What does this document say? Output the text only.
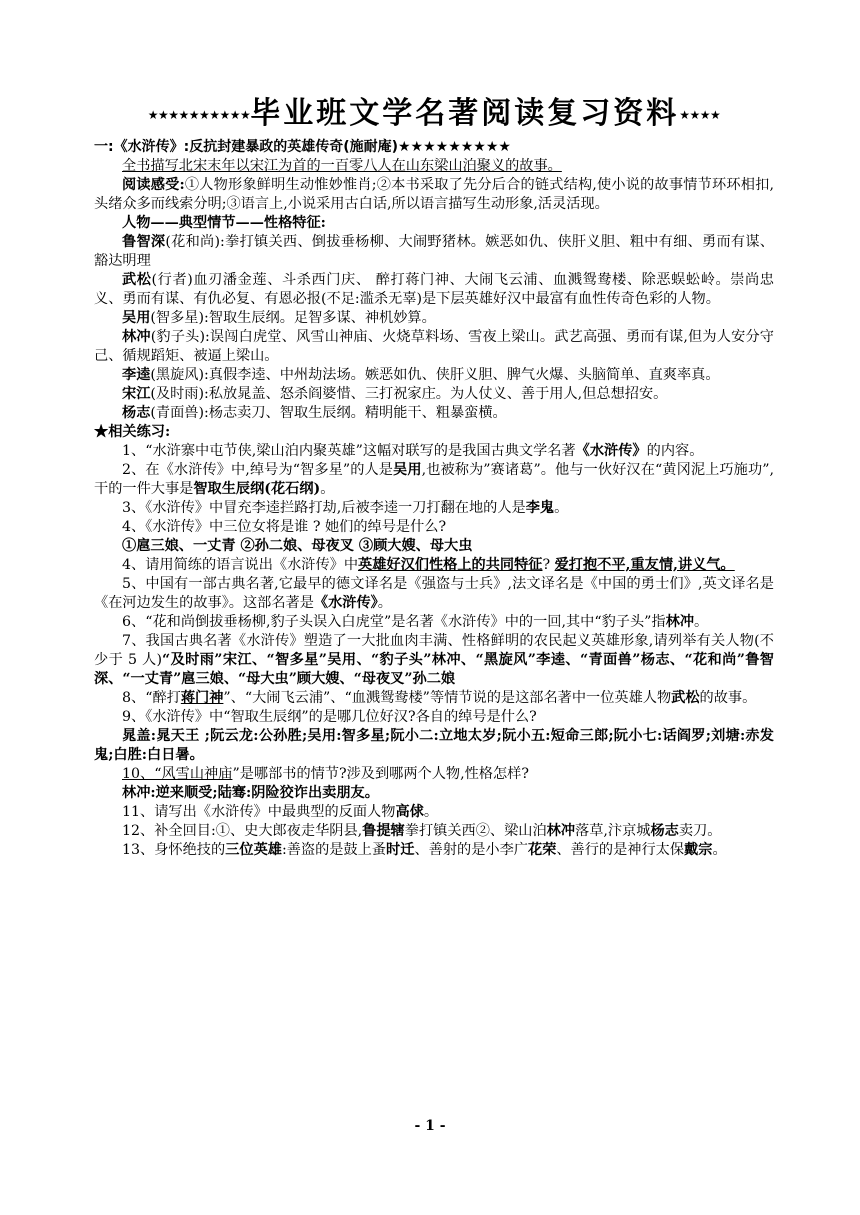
★★★★★★★★★★毕业班文学名著阅读复习资料★★★★

一:《水浒传》:反抗封建暴政的英雄传奇(施耐庵)★★★★★★★★★

全书描写北宋末年以宋江为首的一百零八人在山东梁山泊聚义的故事。

阅读感受:①人物形象鲜明生动惟妙惟肖;②本书采取了先分后合的链式结构,使小说的故事情节环环相扣,头绪众多而线索分明;③语言上,小说采用古白话,所以语言描写生动形象,活灵活现。

人物——典型情节——性格特征:

鲁智深(花和尚):拳打镇关西、倒拔垂杨柳、大闹野猪林。嫉恶如仇、侠肝义胆、粗中有细、勇而有谋、豁达明理

武松(行者)血刃潘金莲、斗杀西门庆、 醉打蒋门神、大闹飞云浦、血溅鸳鸯楼、除恶蜈蚣岭。崇尚忠义、勇而有谋、有仇必复、有恩必报(不足:滥杀无辜)是下层英雄好汉中最富有血性传奇色彩的人物。

吴用(智多星):智取生辰纲。足智多谋、神机妙算。

林冲(豹子头):误闯白虎堂、风雪山神庙、火烧草料场、雪夜上梁山。武艺高强、勇而有谋,但为人安分守己、循规蹈矩、被逼上梁山。

李逵(黑旋风):真假李逵、中州劫法场。嫉恶如仇、侠肝义胆、脾气火爆、头脑简单、直爽率真。

宋江(及时雨):私放晁盖、怒杀阎婆惜、三打祝家庄。为人仗义、善于用人,但总想招安。

杨志(青面兽):杨志卖刀、智取生辰纲。精明能干、粗暴蛮横。

★相关练习:

1、“水浒寨中屯节侠,梁山泊内聚英雄”这幅对联写的是我国古典文学名著《水浒传》的内容。

2、在《水浒传》中,绰号为“智多星”的人是吴用,也被称为”赛诸葛”。他与一伙好汉在“黄冈泥上巧施功”,干的一件大事是智取生辰纲(花石纲)。

3、《水浒传》中冒充李逵拦路打劫,后被李逵一刀打翻在地的人是李鬼。

4、《水浒传》中三位女将是谁 ? 她们的绰号是什么?

①扈三娘、一丈青 ②孙二娘、母夜叉 ③顾大嫂、母大虫

4、请用简练的语言说出《水浒传》中英雄好汉们性格上的共同特征? 爱打抱不平,重友情,讲义气。

5、中国有一部古典名著,它最早的德文译名是《强盗与士兵》,法文译名是《中国的勇士们》,英文译名是《在河边发生的故事》。这部名著是《水浒传》。

6、“花和尚倒拔垂杨柳,豹子头误入白虎堂”是名著《水浒传》中的一回,其中“豹子头”指林冲。

7、我国古典名著《水浒传》塑造了一大批血肉丰满、性格鲜明的农民起义英雄形象,请列举有关人物(不少于 5 人)“及时雨”宋江、“智多星”吴用、“豹子头”林冲、“黑旋风”李逵、“青面兽”杨志、“花和尚”鲁智深、“一丈青”扈三娘、“母大虫”顾大嫂、“母夜叉”孙二娘

8、“醉打蒋门神”、“大闹飞云浦”、“血溅鸳鸯楼”等情节说的是这部名著中一位英雄人物武松的故事。

9、《水浒传》中“智取生辰纲”的是哪几位好汉?各自的绰号是什么?

晁盖:晁天王 ;阮云龙:公孙胜;吴用:智多星;阮小二:立地太岁;阮小五:短命三郎;阮小七:话阎罗;刘塘:赤发鬼;白胜:白日暑。

10、“风雪山神庙”是哪部书的情节?涉及到哪两个人物,性格怎样?

林冲:逆来顺受;陆骞:阴险狡诈出卖朋友。

11、请写出《水浒传》中最典型的反面人物高俅。

12、补全回目:①、史大郎夜走华阴县,鲁提辖拳打镇关西②、梁山泊林冲落草,汴京城杨志卖刀。

13、身怀绝技的三位英雄:善盗的是鼓上蚤时迁、善射的是小李广花荣、善行的是神行太保戴宗。

- 1 -
